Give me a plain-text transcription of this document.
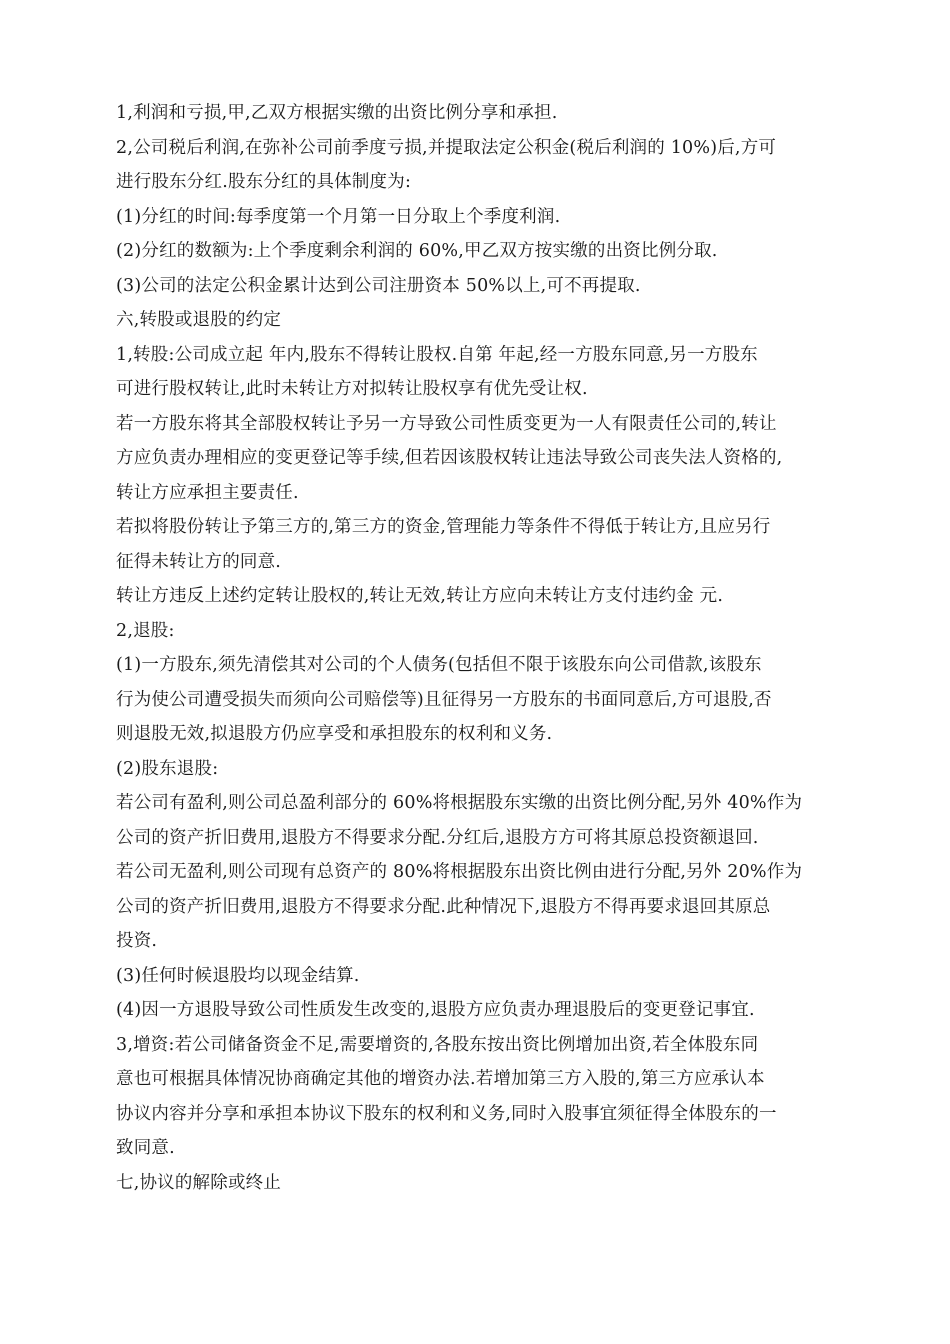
1,利润和亏损,甲,乙双方根据实缴的出资比例分享和承担.
2,公司税后利润,在弥补公司前季度亏损,并提取法定公积金(税后利润的 10%)后,方可
进行股东分红.股东分红的具体制度为:
(1)分红的时间:每季度第一个月第一日分取上个季度利润.
(2)分红的数额为:上个季度剩余利润的 60%,甲乙双方按实缴的出资比例分取.
(3)公司的法定公积金累计达到公司注册资本 50%以上,可不再提取.
六,转股或退股的约定
1,转股:公司成立起 年内,股东不得转让股权.自第 年起,经一方股东同意,另一方股东
可进行股权转让,此时未转让方对拟转让股权享有优先受让权.
若一方股东将其全部股权转让予另一方导致公司性质变更为一人有限责任公司的,转让
方应负责办理相应的变更登记等手续,但若因该股权转让违法导致公司丧失法人资格的,
转让方应承担主要责任.
若拟将股份转让予第三方的,第三方的资金,管理能力等条件不得低于转让方,且应另行
征得未转让方的同意.
转让方违反上述约定转让股权的,转让无效,转让方应向未转让方支付违约金 元.
2,退股:
(1)一方股东,须先清偿其对公司的个人债务(包括但不限于该股东向公司借款,该股东
行为使公司遭受损失而须向公司赔偿等)且征得另一方股东的书面同意后,方可退股,否
则退股无效,拟退股方仍应享受和承担股东的权利和义务.
(2)股东退股:
若公司有盈利,则公司总盈利部分的 60%将根据股东实缴的出资比例分配,另外 40%作为
公司的资产折旧费用,退股方不得要求分配.分红后,退股方方可将其原总投资额退回.
若公司无盈利,则公司现有总资产的 80%将根据股东出资比例由进行分配,另外 20%作为
公司的资产折旧费用,退股方不得要求分配.此种情况下,退股方不得再要求退回其原总
投资.
(3)任何时候退股均以现金结算.
(4)因一方退股导致公司性质发生改变的,退股方应负责办理退股后的变更登记事宜.
3,增资:若公司储备资金不足,需要增资的,各股东按出资比例增加出资,若全体股东同
意也可根据具体情况协商确定其他的增资办法.若增加第三方入股的,第三方应承认本
协议内容并分享和承担本协议下股东的权利和义务,同时入股事宜须征得全体股东的一
致同意.
七,协议的解除或终止
